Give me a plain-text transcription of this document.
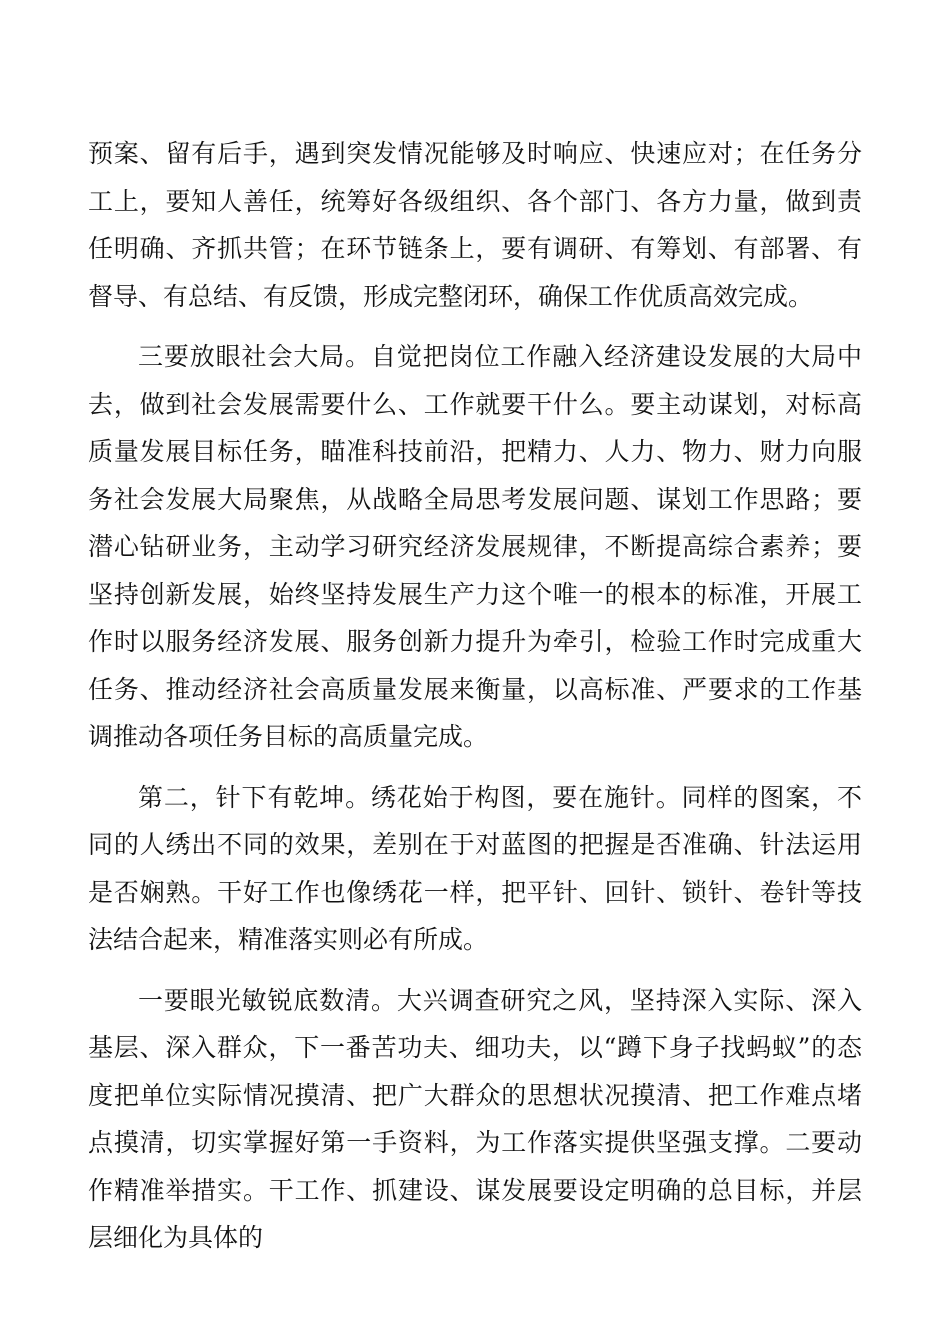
预案、留有后手，遇到突发情况能够及时响应、快速应对；在任务分工上，要知人善任，统筹好各级组织、各个部门、各方力量，做到责任明确、齐抓共管；在环节链条上，要有调研、有筹划、有部署、有督导、有总结、有反馈，形成完整闭环，确保工作优质高效完成。

三要放眼社会大局。自觉把岗位工作融入经济建设发展的大局中去，做到社会发展需要什么、工作就要干什么。要主动谋划，对标高质量发展目标任务，瞄准科技前沿，把精力、人力、物力、财力向服务社会发展大局聚焦，从战略全局思考发展问题、谋划工作思路；要潜心钻研业务，主动学习研究经济发展规律，不断提高综合素养；要坚持创新发展，始终坚持发展生产力这个唯一的根本的标准，开展工作时以服务经济发展、服务创新力提升为牵引，检验工作时完成重大任务、推动经济社会高质量发展来衡量，以高标准、严要求的工作基调推动各项任务目标的高质量完成。

第二，针下有乾坤。绣花始于构图，要在施针。同样的图案，不同的人绣出不同的效果，差别在于对蓝图的把握是否准确、针法运用是否娴熟。干好工作也像绣花一样，把平针、回针、锁针、卷针等技法结合起来，精准落实则必有所成。

一要眼光敏锐底数清。大兴调查研究之风，坚持深入实际、深入基层、深入群众，下一番苦功夫、细功夫，以“蹲下身子找蚂蚁”的态度把单位实际情况摸清、把广大群众的思想状况摸清、把工作难点堵点摸清，切实掌握好第一手资料，为工作落实提供坚强支撑。二要动作精准举措实。干工作、抓建设、谋发展要设定明确的总目标，并层层细化为具体的
